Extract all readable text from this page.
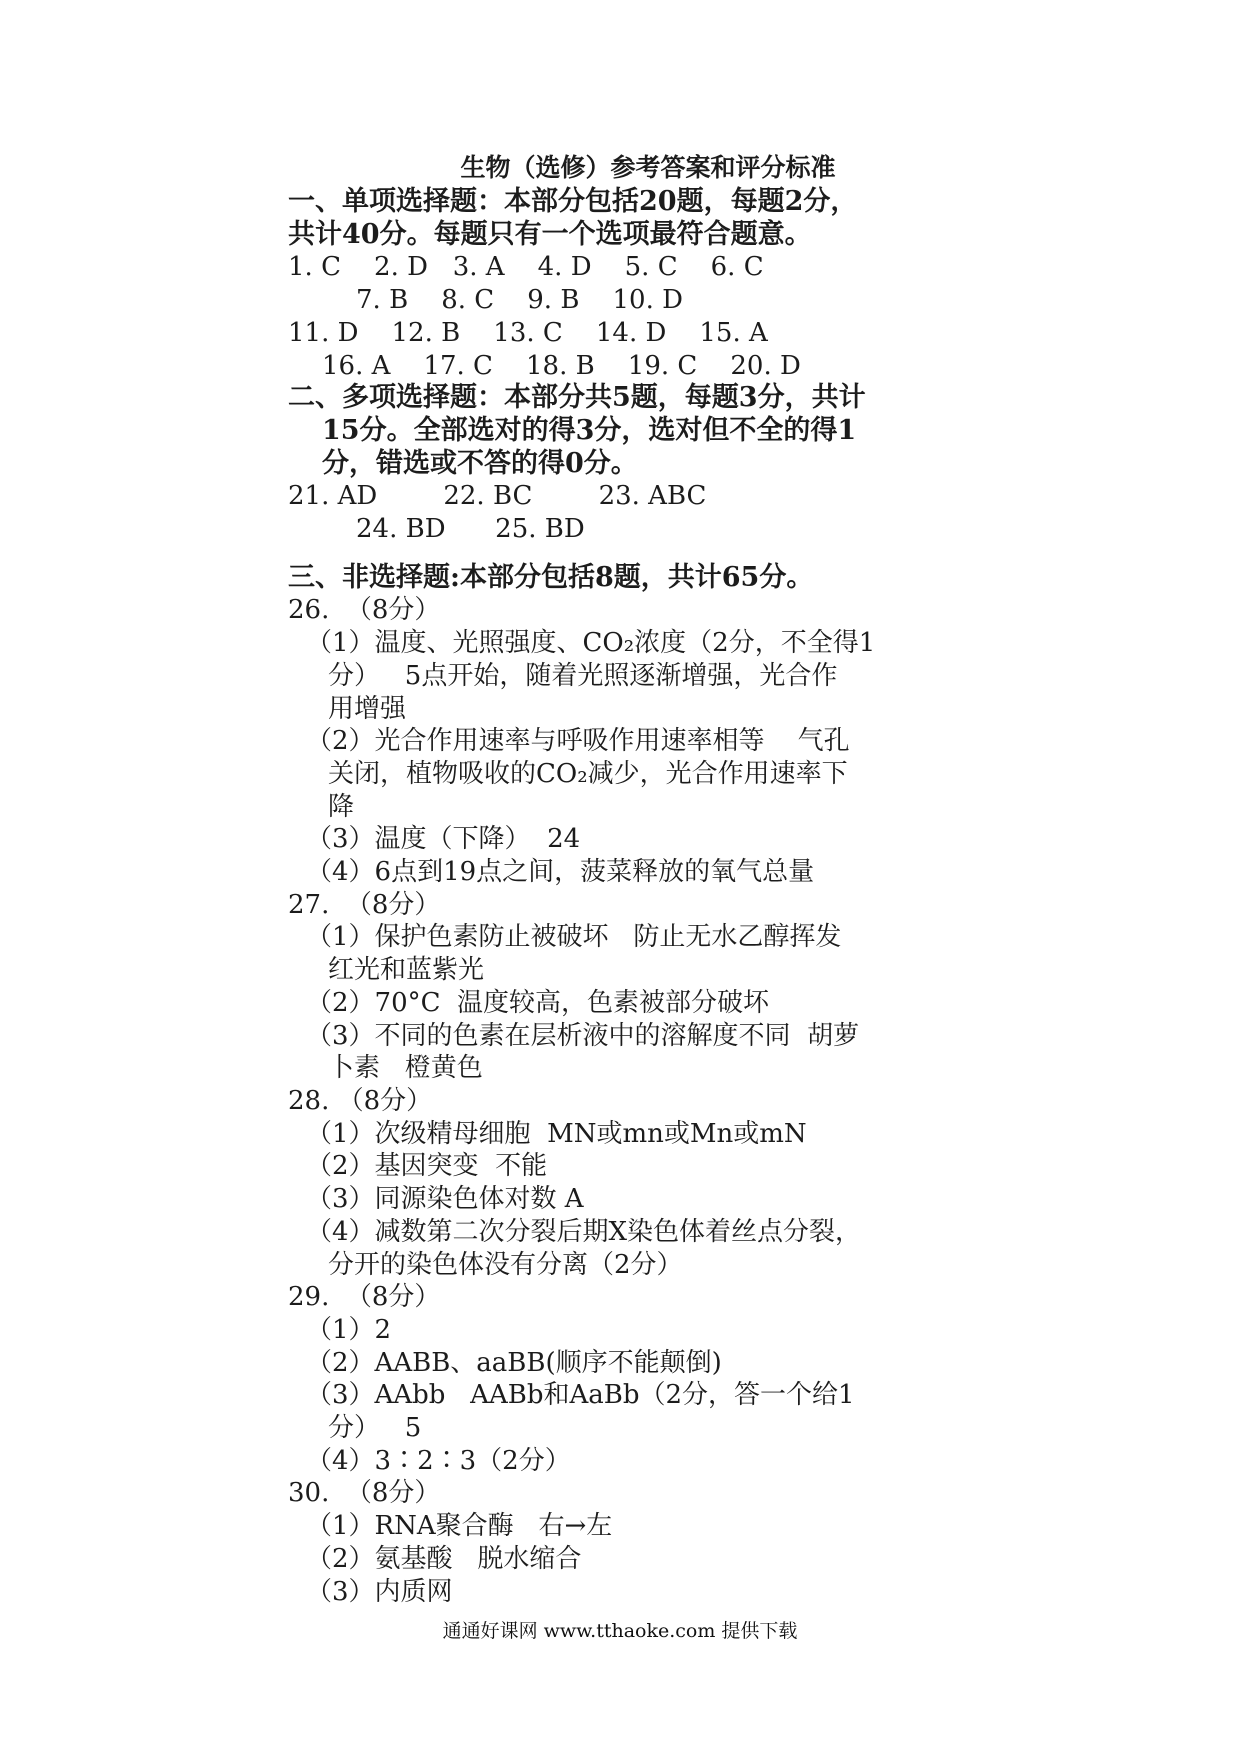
生物（选修）参考答案和评分标准
一、单项选择题：本部分包括20题，每题2分，
共计40分。每题只有一个选项最符合题意。
1. C    2. D   3. A    4. D    5. C    6. C
7. B    8. C    9. B    10. D
11. D    12. B    13. C    14. D    15. A
16. A    17. C    18. B    19. C    20. D
二、多项选择题：本部分共5题，每题3分，共计
15分。全部选对的得3分，选对但不全的得1
分，错选或不答的得0分。
21. AD        22. BC        23. ABC
24. BD      25. BD
三、非选择题:本部分包括8题，共计65分。
26.  （8分）
（1）温度、光照强度、CO₂浓度（2分，不全得1
分）   5点开始，随着光照逐渐增强，光合作
用增强
（2）光合作用速率与呼吸作用速率相等    气孔
关闭，植物吸收的CO₂减少，光合作用速率下
降
（3）温度（下降）  24
（4）6点到19点之间，菠菜释放的氧气总量
27.  （8分）
（1）保护色素防止被破坏   防止无水乙醇挥发
红光和蓝紫光
（2）70°C  温度较高，色素被部分破坏
（3）不同的色素在层析液中的溶解度不同  胡萝
卜素   橙黄色
28. （8分）
（1）次级精母细胞  MN或mn或Mn或mN
（2）基因突变  不能
（3）同源染色体对数 A
（4）减数第二次分裂后期X染色体着丝点分裂，
分开的染色体没有分离（2分）
29.  （8分）
（1）2
（2）AABB、aaBB(顺序不能颠倒)
（3）AAbb   AABb和AaBb（2分，答一个给1
分）   5
（4）3∶2∶3（2分）
30.  （8分）
（1）RNA聚合酶   右→左
（2）氨基酸   脱水缩合
（3）内质网
通通好课网 www.tthaoke.com 提供下载
